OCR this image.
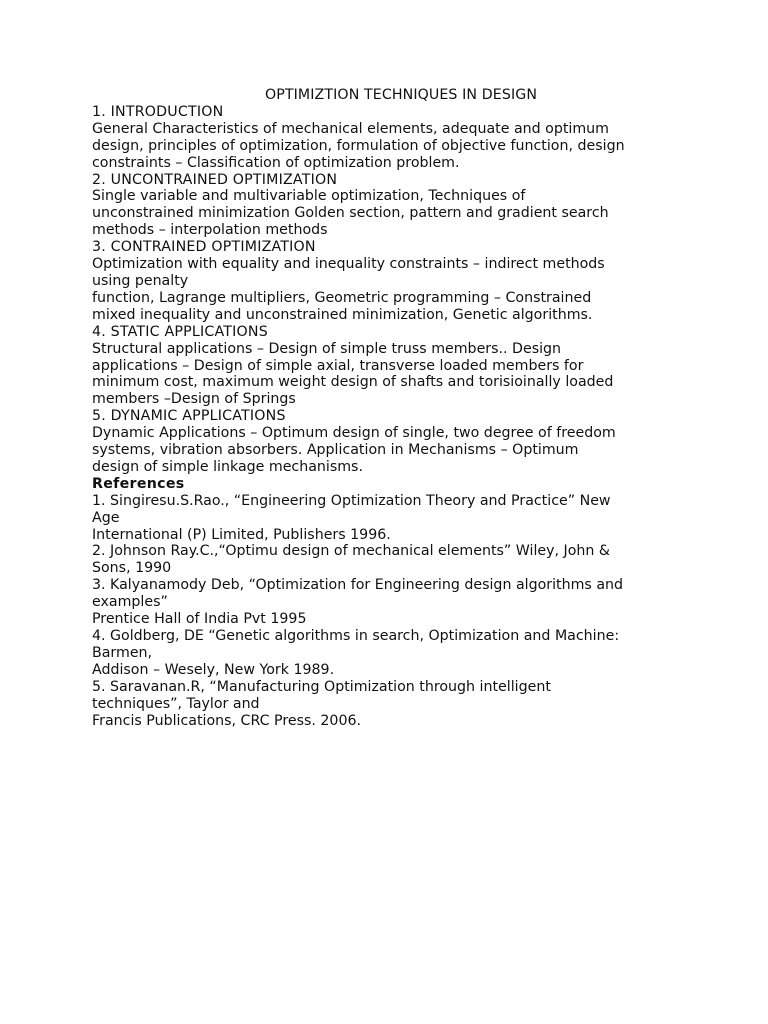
OPTIMIZTION TECHNIQUES IN DESIGN

1. INTRODUCTION

General Characteristics of mechanical elements, adequate and optimum

design, principles of optimization, formulation of objective function, design

constraints – Classification of optimization problem.

2. UNCONTRAINED OPTIMIZATION

Single variable and multivariable optimization, Techniques of

unconstrained minimization Golden section, pattern and gradient search

methods – interpolation methods

3. CONTRAINED OPTIMIZATION

Optimization with equality and inequality constraints – indirect methods

using penalty

function, Lagrange multipliers, Geometric programming – Constrained

mixed inequality and unconstrained minimization, Genetic algorithms.

4. STATIC APPLICATIONS

Structural applications – Design of simple truss members.. Design

applications – Design of simple axial, transverse loaded members for

minimum cost, maximum weight design of shafts and torisioinally loaded

members –Design of Springs

5. DYNAMIC APPLICATIONS

Dynamic Applications – Optimum design of single, two degree of freedom

systems, vibration absorbers. Application in Mechanisms – Optimum

design of simple linkage mechanisms.

References

1. Singiresu.S.Rao., “Engineering Optimization Theory and Practice” New

Age

International (P) Limited, Publishers 1996.

2. Johnson Ray.C.,“Optimu design of mechanical elements” Wiley, John &

Sons, 1990

3. Kalyanamody Deb, “Optimization for Engineering design algorithms and

examples”

Prentice Hall of India Pvt 1995

4. Goldberg, DE “Genetic algorithms in search, Optimization and Machine:

Barmen,

Addison – Wesely, New York 1989.

5. Saravanan.R, “Manufacturing Optimization through intelligent

techniques”, Taylor and

Francis Publications, CRC Press. 2006.
